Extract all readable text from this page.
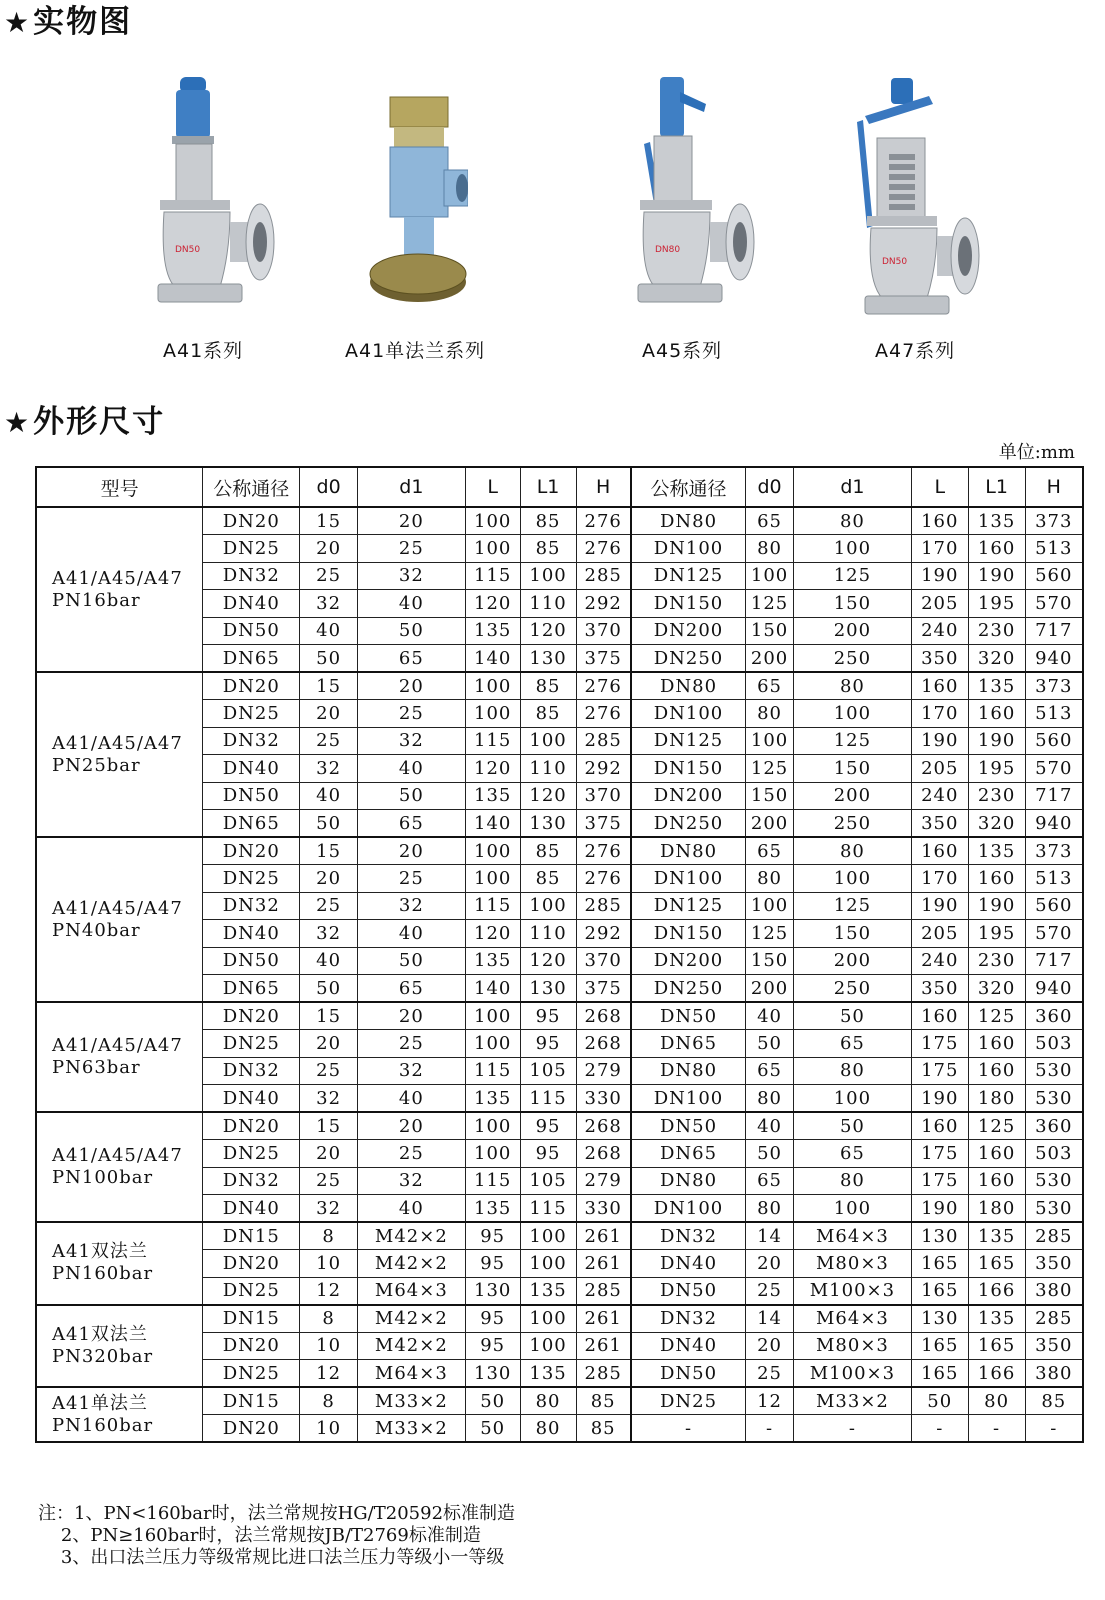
★实物图
DN50	DN80
DN50
A41系列	A41单法兰系列	A45系列	A47系列
★外形尺寸
单位:mm
型号	公称通径	d0	d1	L	L1	H	公称通径	d0	d1	L	L1	H

A41/A45/A47
PN16bar	DN20	15	20	100	85	276	DN80	65	80	160	135	373
	DN25	20	25	100	85	276	DN100	80	100	170	160	513
	DN32	25	32	115	100	285	DN125	100	125	190	190	560
	DN40	32	40	120	110	292	DN150	125	150	205	195	570
	DN50	40	50	135	120	370	DN200	150	200	240	230	717
	DN65	50	65	140	130	375	DN250	200	250	350	320	940

A41/A45/A47
PN25bar	DN20	15	20	100	85	276	DN80	65	80	160	135	373
	DN25	20	25	100	85	276	DN100	80	100	170	160	513
	DN32	25	32	115	100	285	DN125	100	125	190	190	560
	DN40	32	40	120	110	292	DN150	125	150	205	195	570
	DN50	40	50	135	120	370	DN200	150	200	240	230	717
	DN65	50	65	140	130	375	DN250	200	250	350	320	940

A41/A45/A47
PN40bar	DN20	15	20	100	85	276	DN80	65	80	160	135	373
	DN25	20	25	100	85	276	DN100	80	100	170	160	513
	DN32	25	32	115	100	285	DN125	100	125	190	190	560
	DN40	32	40	120	110	292	DN150	125	150	205	195	570
	DN50	40	50	135	120	370	DN200	150	200	240	230	717
	DN65	50	65	140	130	375	DN250	200	250	350	320	940

A41/A45/A47
PN63bar	DN20	15	20	100	95	268	DN50	40	50	160	125	360
	DN25	20	25	100	95	268	DN65	50	65	175	160	503
	DN32	25	32	115	105	279	DN80	65	80	175	160	530
	DN40	32	40	135	115	330	DN100	80	100	190	180	530

A41/A45/A47
PN100bar	DN20	15	20	100	95	268	DN50	40	50	160	125	360
	DN25	20	25	100	95	268	DN65	50	65	175	160	503
	DN32	25	32	115	105	279	DN80	65	80	175	160	530
	DN40	32	40	135	115	330	DN100	80	100	190	180	530

A41双法兰
PN160bar	DN15	8	M42×2	95	100	261	DN32	14	M64×3	130	135	285
	DN20	10	M42×2	95	100	261	DN40	20	M80×3	165	165	350
	DN25	12	M64×3	130	135	285	DN50	25	M100×3	165	166	380

A41双法兰
PN320bar	DN15	8	M42×2	95	100	261	DN32	14	M64×3	130	135	285
	DN20	10	M42×2	95	100	261	DN40	20	M80×3	165	165	350
	DN25	12	M64×3	130	135	285	DN50	25	M100×3	165	166	380

A41单法兰
PN160bar	DN15	8	M33×2	50	80	85	DN25	12	M33×2	50	80	85
	DN20	10	M33×2	50	80	85	-	-	-	-	-	-
注：1、PN<160bar时，法兰常规按HG/T20592标准制造
2、PN≥160bar时，法兰常规按JB/T2769标准制造
3、出口法兰压力等级常规比进口法兰压力等级小一等级
